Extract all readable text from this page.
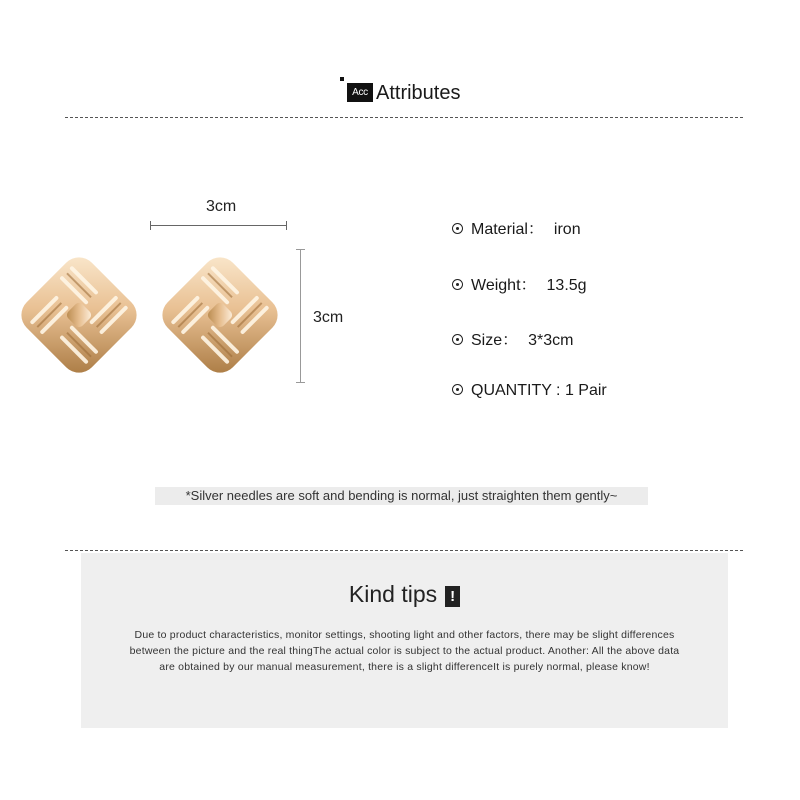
Acc Attributes
3cm
3cm
Material： iron
Weight： 13.5g
Size： 3*3cm
QUANTITY : 1 Pair
*Silver needles are soft and bending is normal, just straighten them gently~
Kind tips !
Due to product characteristics, monitor settings, shooting light and other factors, there may be slight differences between the picture and the real thingThe actual color is subject to the actual product. Another: All the above data are obtained by our manual measurement, there is a slight differenceIt is purely normal, please know!
